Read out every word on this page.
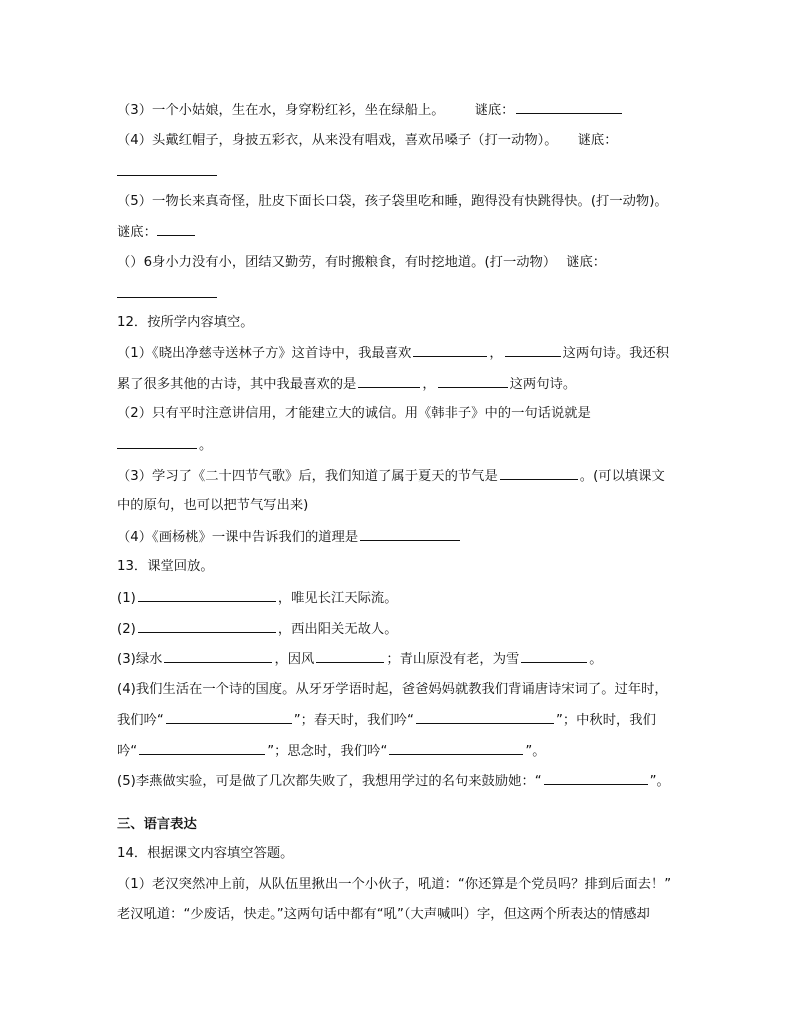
（3）一个小姑娘，生在水，身穿粉红衫，坐在绿船上。 谜底：
（4）头戴红帽子，身披五彩衣，从来没有唱戏，喜欢吊嗓子（打一动物）。 谜底：
（5）一物长来真奇怪，肚皮下面长口袋，孩子袋里吃和睡，跑得没有快跳得快。(打一动物)。
谜底：
（）6身小力没有小，团结又勤劳，有时搬粮食，有时挖地道。(打一动物） 谜底：
12．按所学内容填空。
（1）《晓出净慈寺送林子方》这首诗中，我最喜欢	，	这两句诗。我还积
累了很多其他的古诗，其中我最喜欢的是	，	这两句诗。
（2）只有平时注意讲信用，才能建立大的诚信。用《韩非子》中的一句话说就是
。
（3）学习了《二十四节气歌》后，我们知道了属于夏天的节气是	。(可以填课文
中的原句，也可以把节气写出来)
（4）《画杨桃》一课中告诉我们的道理是
13．课堂回放。
(1)	，唯见长江天际流。
(2)	，西出阳关无故人。
(3)绿水	，因风	；青山原没有老，为雪	。
(4)我们生活在一个诗的国度。从牙牙学语时起，爸爸妈妈就教我们背诵唐诗宋词了。过年时，
我们吟“	”；春天时，我们吟“	”；中秋时，我们
吟“	”；思念时，我们吟“	”。
(5)李燕做实验，可是做了几次都失败了，我想用学过的名句来鼓励她：“	”。
三、语言表达
14．根据课文内容填空答题。
（1）老汉突然冲上前，从队伍里揪出一个小伙子，吼道：“你还算是个党员吗？排到后面去！”
老汉吼道：“少废话，快走。”这两句话中都有“吼”（大声喊叫）字，但这两个所表达的情感却
